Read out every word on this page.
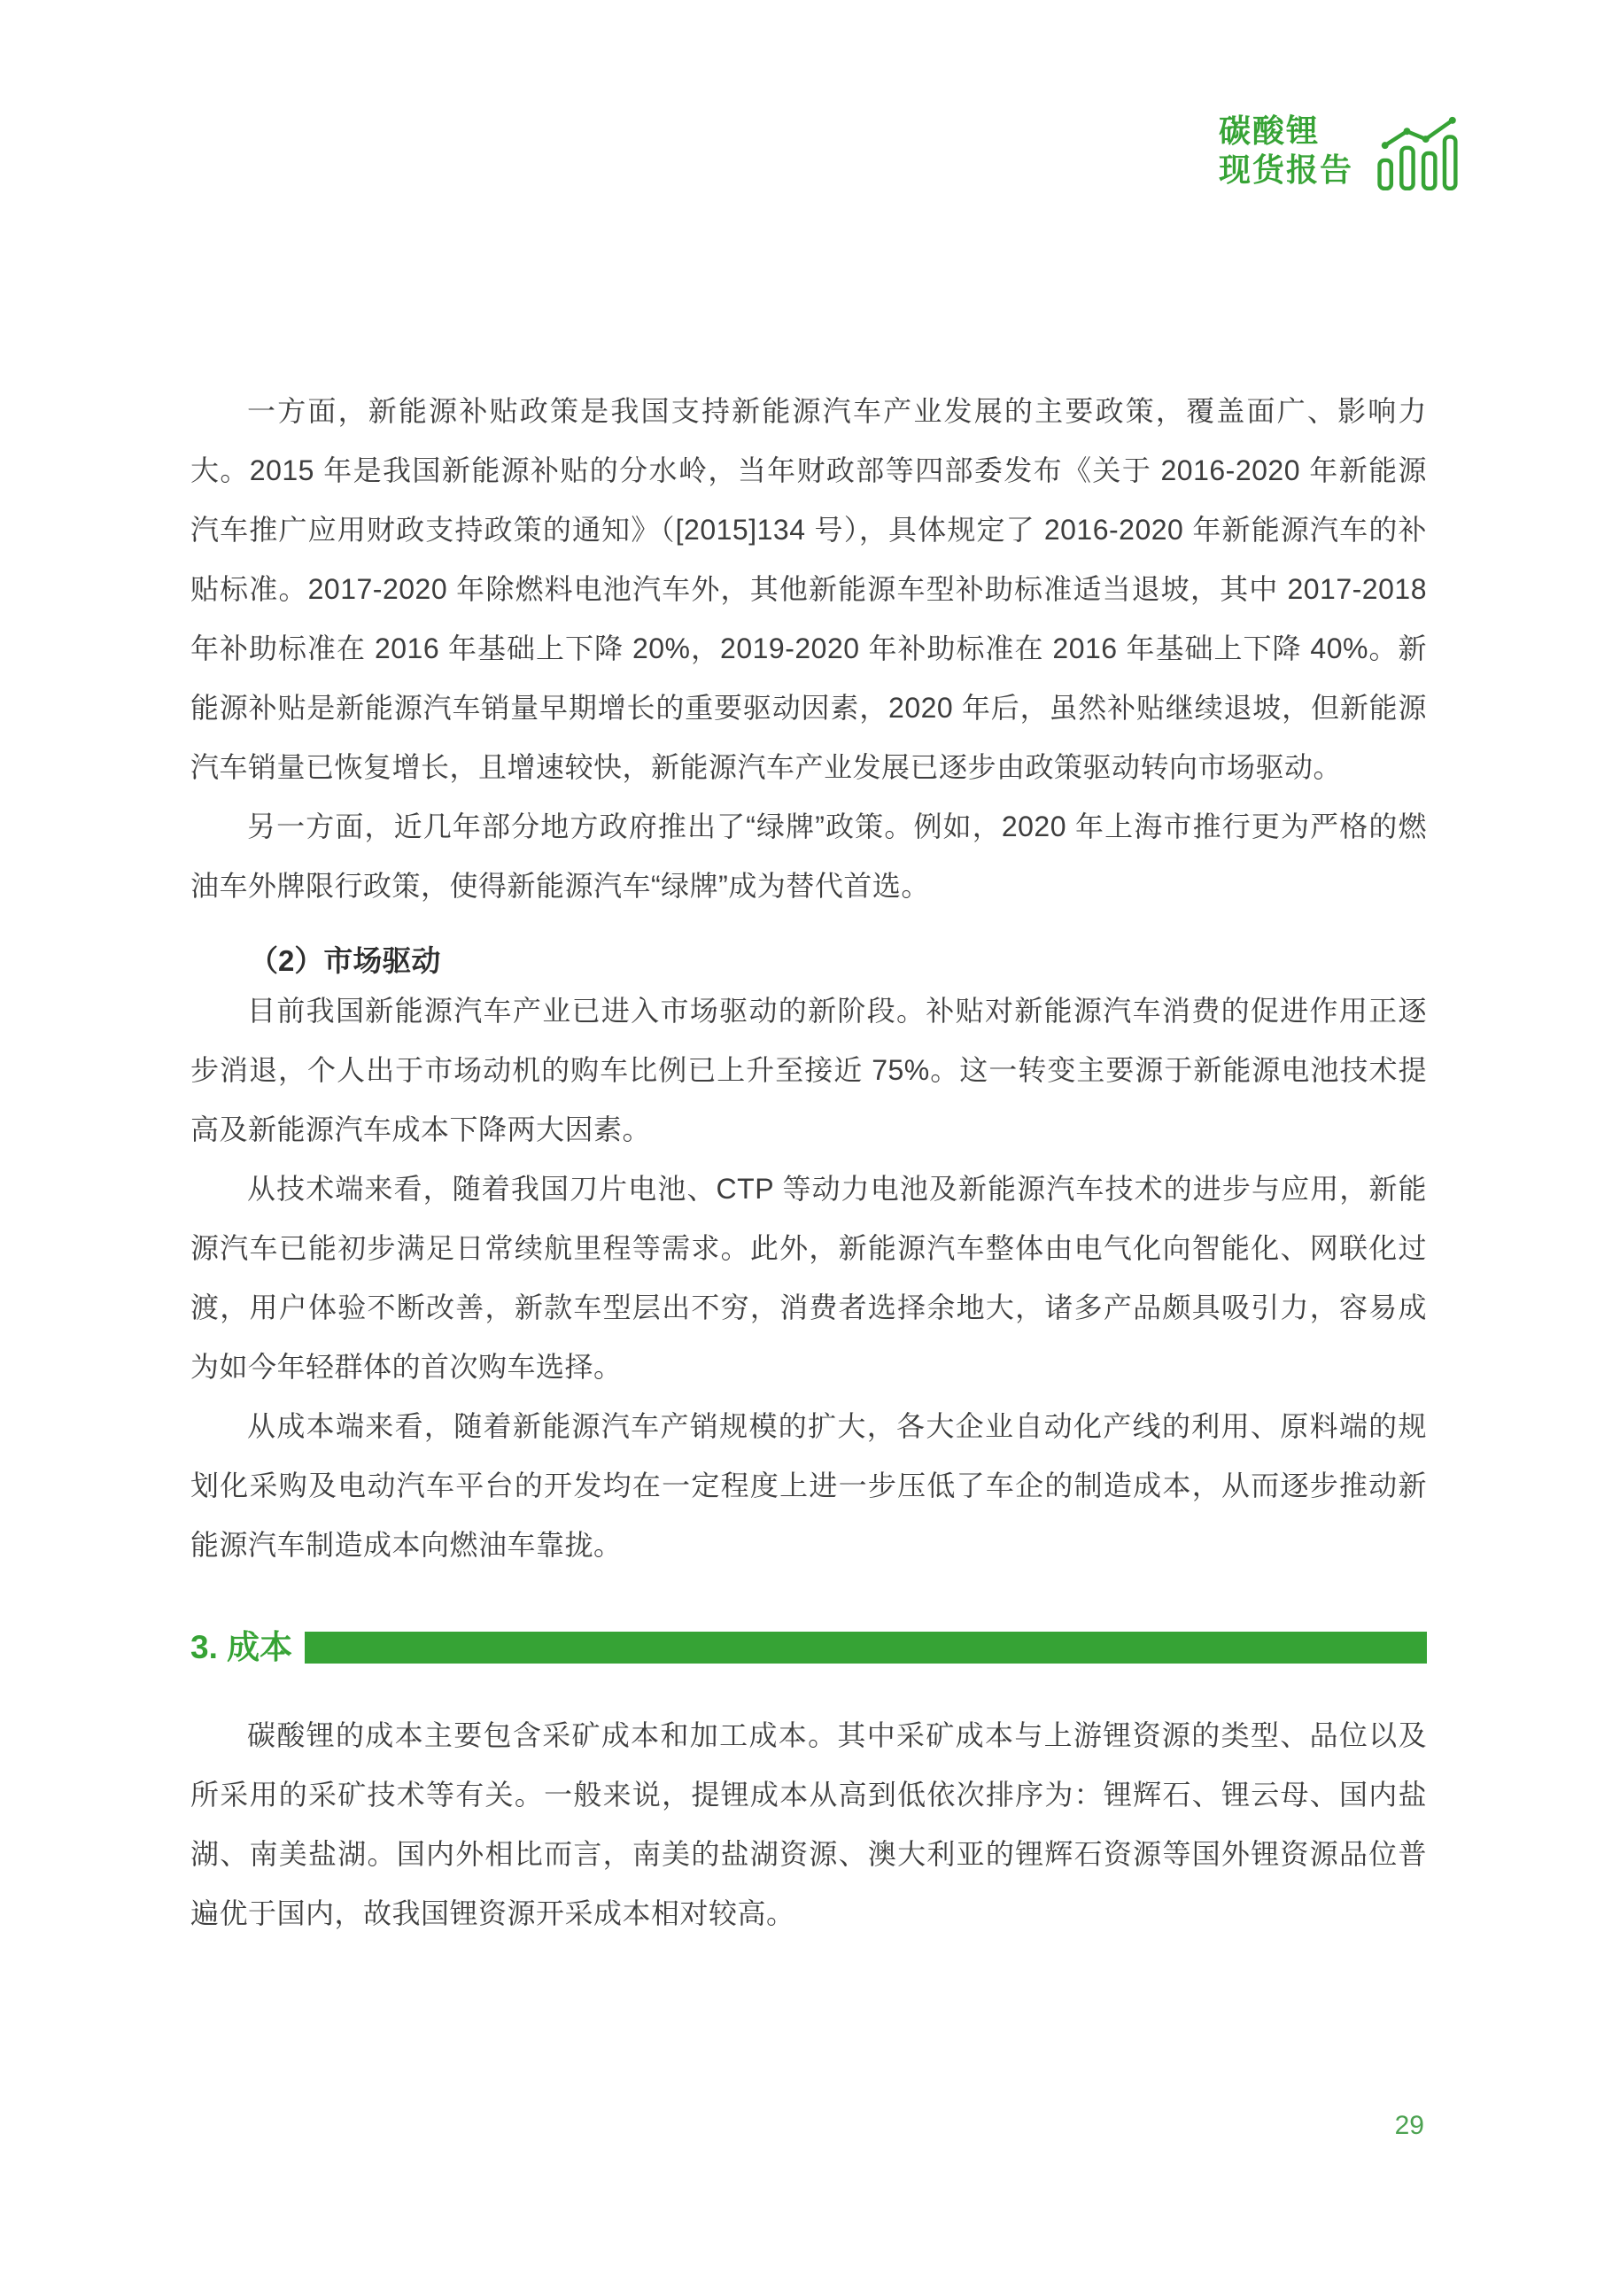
碳酸锂
现货报告

一方面，新能源补贴政策是我国支持新能源汽车产业发展的主要政策，覆盖面广、影响力大。2015 年是我国新能源补贴的分水岭，当年财政部等四部委发布《关于 2016-2020 年新能源汽车推广应用财政支持政策的通知》（[2015]134 号），具体规定了 2016-2020 年新能源汽车的补贴标准。2017-2020 年除燃料电池汽车外，其他新能源车型补助标准适当退坡，其中 2017-2018 年补助标准在 2016 年基础上下降 20%，2019-2020 年补助标准在 2016 年基础上下降 40%。新能源补贴是新能源汽车销量早期增长的重要驱动因素，2020 年后，虽然补贴继续退坡，但新能源汽车销量已恢复增长，且增速较快，新能源汽车产业发展已逐步由政策驱动转向市场驱动。

另一方面，近几年部分地方政府推出了“绿牌”政策。例如，2020 年上海市推行更为严格的燃油车外牌限行政策，使得新能源汽车“绿牌”成为替代首选。

（2）市场驱动

目前我国新能源汽车产业已进入市场驱动的新阶段。补贴对新能源汽车消费的促进作用正逐步消退，个人出于市场动机的购车比例已上升至接近 75%。这一转变主要源于新能源电池技术提高及新能源汽车成本下降两大因素。

从技术端来看，随着我国刀片电池、CTP 等动力电池及新能源汽车技术的进步与应用，新能源汽车已能初步满足日常续航里程等需求。此外，新能源汽车整体由电气化向智能化、网联化过渡，用户体验不断改善，新款车型层出不穷，消费者选择余地大，诸多产品颇具吸引力，容易成为如今年轻群体的首次购车选择。

从成本端来看，随着新能源汽车产销规模的扩大，各大企业自动化产线的利用、原料端的规划化采购及电动汽车平台的开发均在一定程度上进一步压低了车企的制造成本，从而逐步推动新能源汽车制造成本向燃油车靠拢。

3. 成本

碳酸锂的成本主要包含采矿成本和加工成本。其中采矿成本与上游锂资源的类型、品位以及所采用的采矿技术等有关。一般来说，提锂成本从高到低依次排序为：锂辉石、锂云母、国内盐湖、南美盐湖。国内外相比而言，南美的盐湖资源、澳大利亚的锂辉石资源等国外锂资源品位普遍优于国内，故我国锂资源开采成本相对较高。

29
